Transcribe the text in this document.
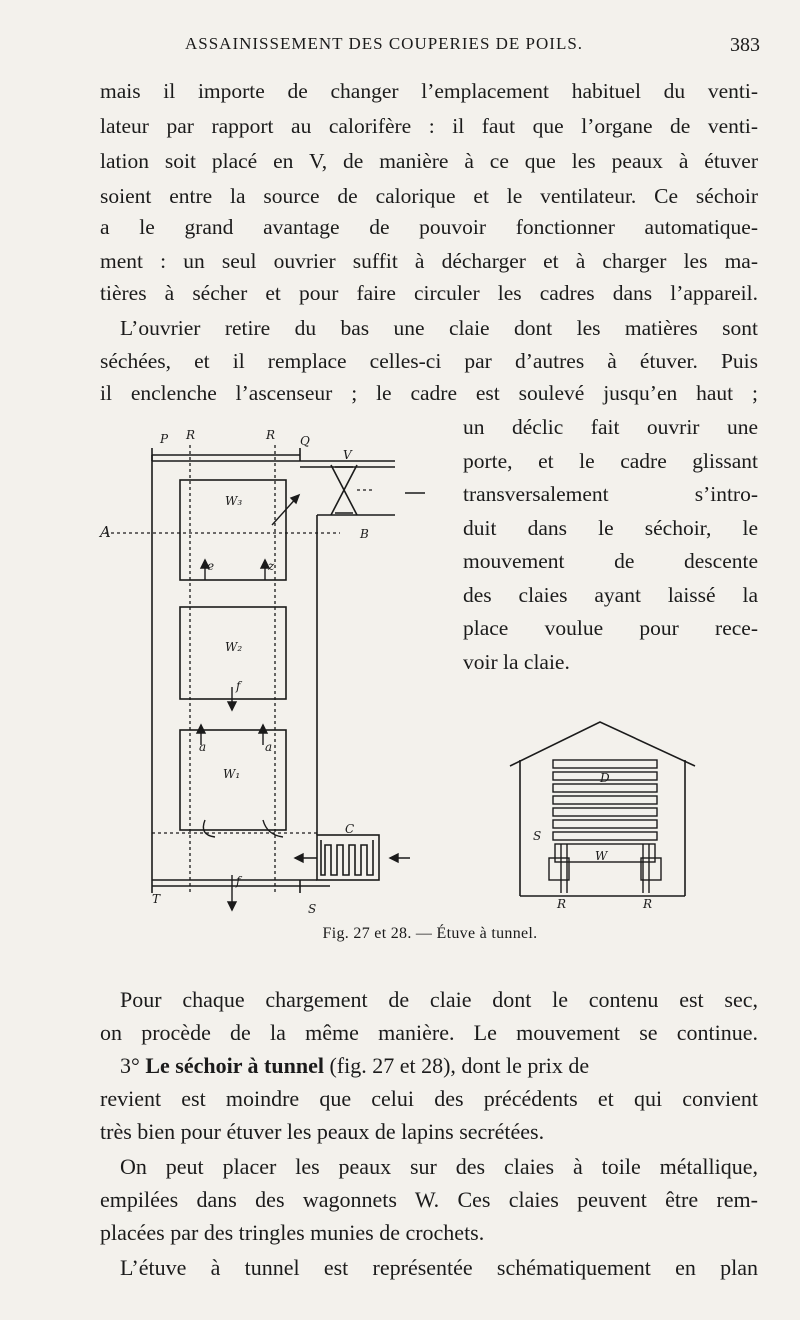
ASSAINISSEMENT DES COUPERIES DE POILS.	383
mais il importe de changer l’emplacement habituel du venti-
lateur par rapport au calorifère : il faut que l’organe de venti-
lation soit placé en V, de manière à ce que les peaux à étuver
soient entre la source de calorique et le ventilateur. Ce séchoir
a le grand avantage de pouvoir fonctionner automatique-
ment : un seul ouvrier suffit à décharger et à charger les ma-
tières à sécher et pour faire circuler les cadres dans l’appareil.
L’ouvrier retire du bas une claie dont les matières sont
séchées, et il remplace celles-ci par d’autres à étuver. Puis
il enclenche l’ascenseur ; le cadre est soulevé jusqu’en haut ;
un déclic fait ouvrir une
porte, et le cadre glissant
transversalement s’intro-
duit dans le séchoir, le
mouvement de descente
des claies ayant laissé la
place voulue pour rece-
voir la claie.
P R	R Q
V
B
A
W₃
W₂
W₁
e	z
f
a	a
f
C
T
S
D
S
W
R	R
Fig. 27 et 28. — Étuve à tunnel.
Pour chaque chargement de claie dont le contenu est sec,
on procède de la même manière. Le mouvement se continue.
3° Le séchoir à tunnel (fig. 27 et 28), dont le prix de
revient est moindre que celui des précédents et qui convient
très bien pour étuver les peaux de lapins secrétées.
On peut placer les peaux sur des claies à toile métallique,
empilées dans des wagonnets W. Ces claies peuvent être rem-
placées par des tringles munies de crochets.
L’étuve à tunnel est représentée schématiquement en plan
